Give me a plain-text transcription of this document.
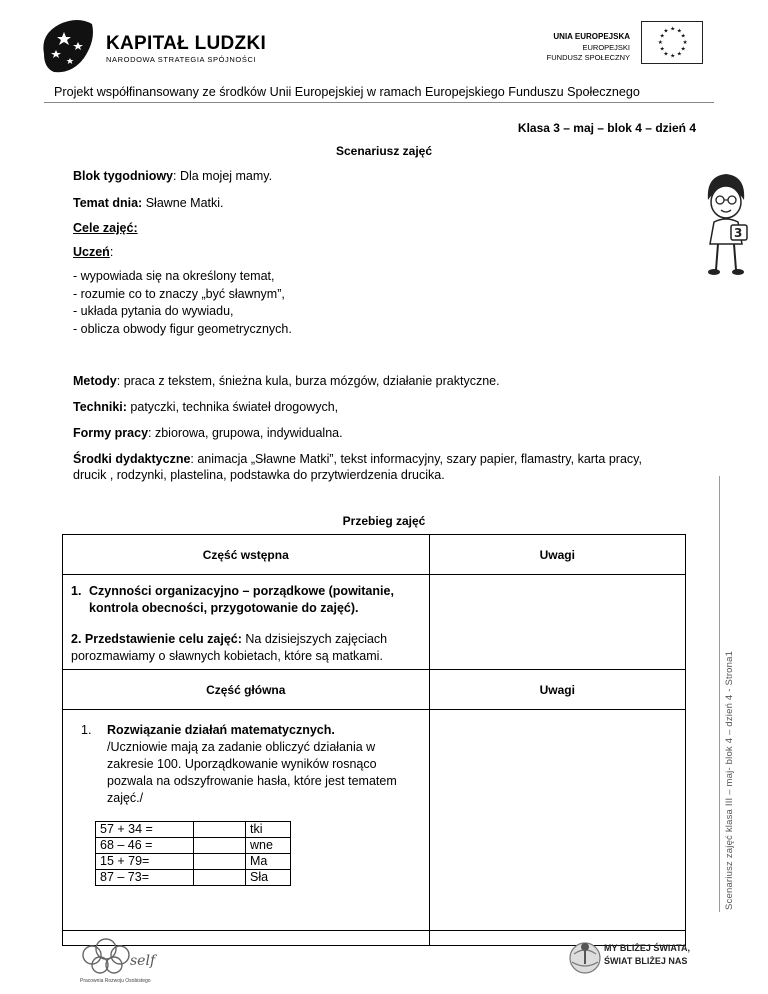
KAPITAŁ LUDZKI
NARODOWA STRATEGIA SPÓJNOŚCI
UNIA EUROPEJSKA
EUROPEJSKI
FUNDUSZ SPOŁECZNY
★ ★
★
★
★
★
★
★
★
★
★
★
Projekt współfinansowany ze środków Unii Europejskiej w ramach Europejskiego Funduszu Społecznego
Klasa 3 – maj – blok 4 – dzień 4
Scenariusz zajęć
Blok tygodniowy: Dla mojej mamy.
Temat dnia: Sławne Matki.
Cele zajęć:
Uczeń:
- wypowiada się na określony temat,
- rozumie co to znaczy „być sławnym”,
- układa pytania do wywiadu,
- oblicza obwody figur geometrycznych.
Metody: praca z tekstem, śnieżna kula, burza mózgów, działanie praktyczne.
Techniki: patyczki, technika świateł drogowych,
Formy pracy: zbiorowa, grupowa, indywidualna.
Środki dydaktyczne: animacja „Sławne Matki”, tekst informacyjny, szary papier, flamastry, karta pracy,
drucik , rodzynki, plastelina, podstawka do przytwierdzenia drucika.
3
Scenariusz zajęć klasa III – maj- blok 4 – dzień 4 - Strona1
Przebieg zajęć
Część wstępna	Uwagi

1. Czynności organizacyjno – porządkowe (powitanie,
kontrola obecności, przygotowanie do zajęć).
2. Przedstawienie celu zajęć: Na dzisiejszych zajęciach
porozmawiamy o sławnych kobietach, które są matkami.

Część główna	Uwagi

1.	Rozwiązanie działań matematycznych.
/Uczniowie mają za zadanie obliczyć działania w
zakresie 100. Uporządkowanie wyników rosnąco
pozwala na odszyfrowanie hasła, które jest tematem
zajęć./
57 + 34 =		tki
68 – 46 =		wne
15 + 79=		Ma
87 – 73=		Sła

self
Pracownia Rozwoju Osobistego
MY BLIŻEJ ŚWIATA,
ŚWIAT BLIŻEJ NAS
